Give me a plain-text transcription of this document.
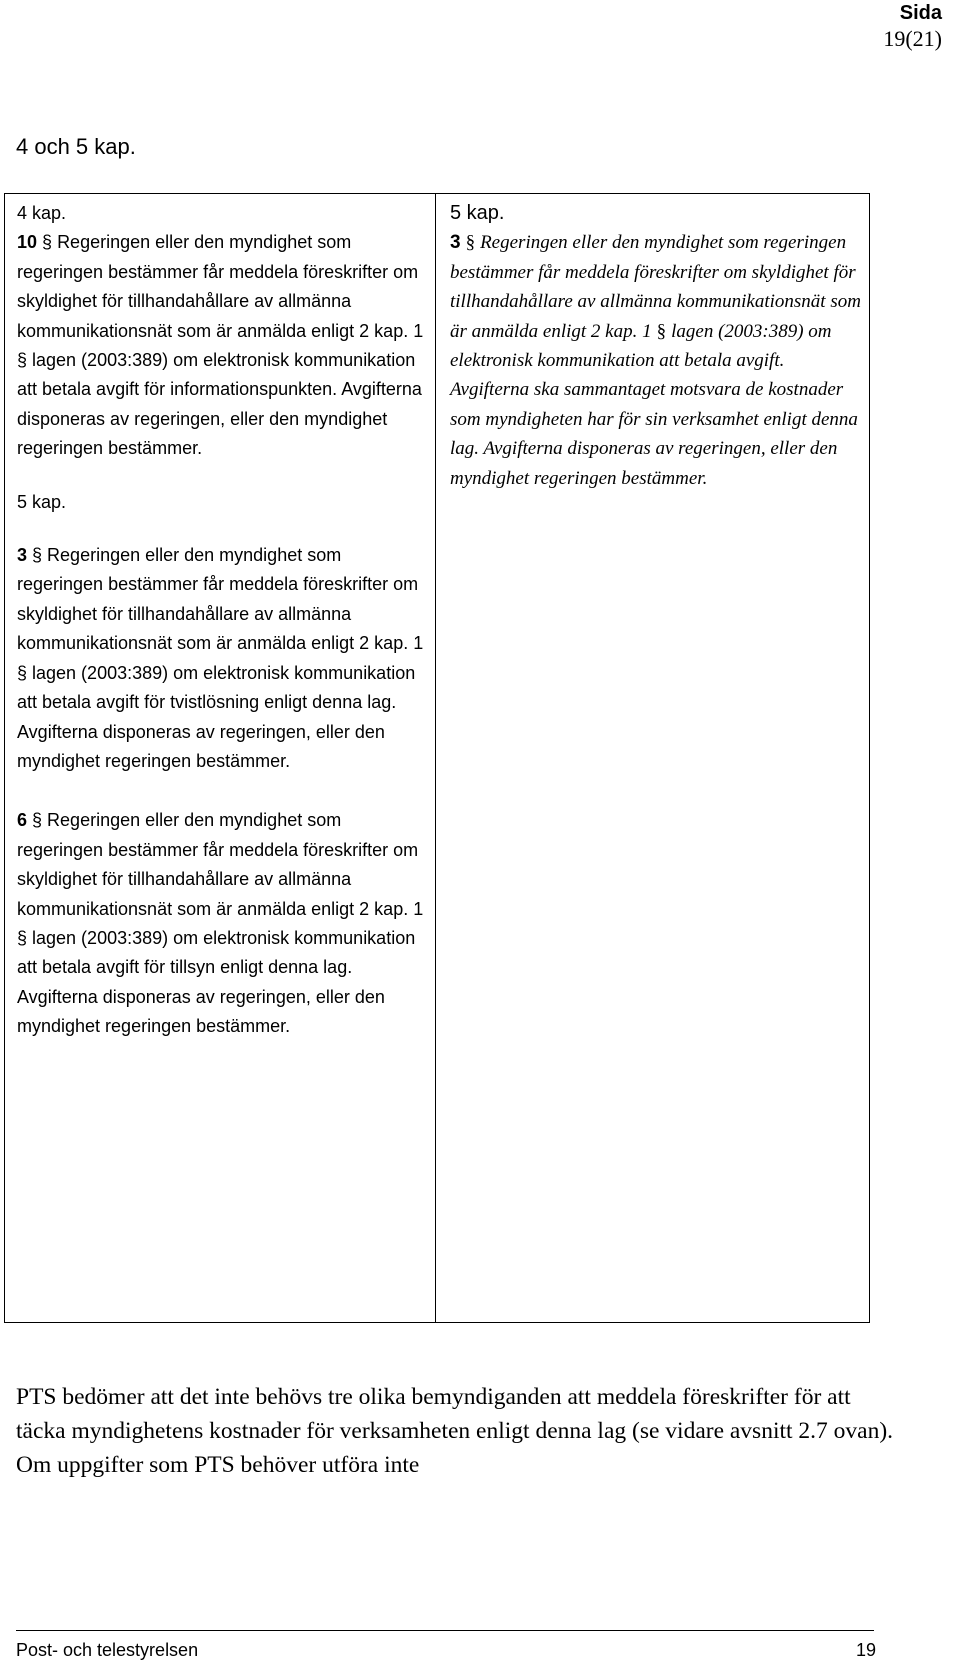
Sida
19(21)
4 och 5 kap.
4 kap.
10 § Regeringen eller den myndighet som regeringen bestämmer får meddela föreskrifter om skyldighet för tillhandahållare av allmänna kommunikationsnät som är anmälda enligt 2 kap. 1 § lagen (2003:389) om elektronisk kommunikation att betala avgift för informationspunkten. Avgifterna disponeras av regeringen, eller den myndighet regeringen bestämmer.
5 kap.
3 § Regeringen eller den myndighet som regeringen bestämmer får meddela föreskrifter om skyldighet för tillhandahållare av allmänna kommunikationsnät som är anmälda enligt 2 kap. 1 § lagen (2003:389) om elektronisk kommunikation att betala avgift för tvistlösning enligt denna lag. Avgifterna disponeras av regeringen, eller den myndighet regeringen bestämmer.
6 § Regeringen eller den myndighet som regeringen bestämmer får meddela föreskrifter om skyldighet för tillhandahållare av allmänna kommunikationsnät som är anmälda enligt 2 kap. 1 § lagen (2003:389) om elektronisk kommunikation att betala avgift för tillsyn enligt denna lag. Avgifterna disponeras av regeringen, eller den myndighet regeringen bestämmer.

5 kap.
3 § Regeringen eller den myndighet som regeringen bestämmer får meddela föreskrifter om skyldighet för tillhandahållare av allmänna kommunikationsnät som är anmälda enligt 2 kap. 1 § lagen (2003:389) om elektronisk kommunikation att betala avgift. Avgifterna ska sammantaget motsvara de kostnader som myndigheten har för sin verksamhet enligt denna lag. Avgifterna disponeras av regeringen, eller den myndighet regeringen bestämmer.
PTS bedömer att det inte behövs tre olika bemyndiganden att meddela föreskrifter för att täcka myndighetens kostnader för verksamheten enligt denna lag (se vidare avsnitt 2.7 ovan). Om uppgifter som PTS behöver utföra inte
Post- och telestyrelsen	19
